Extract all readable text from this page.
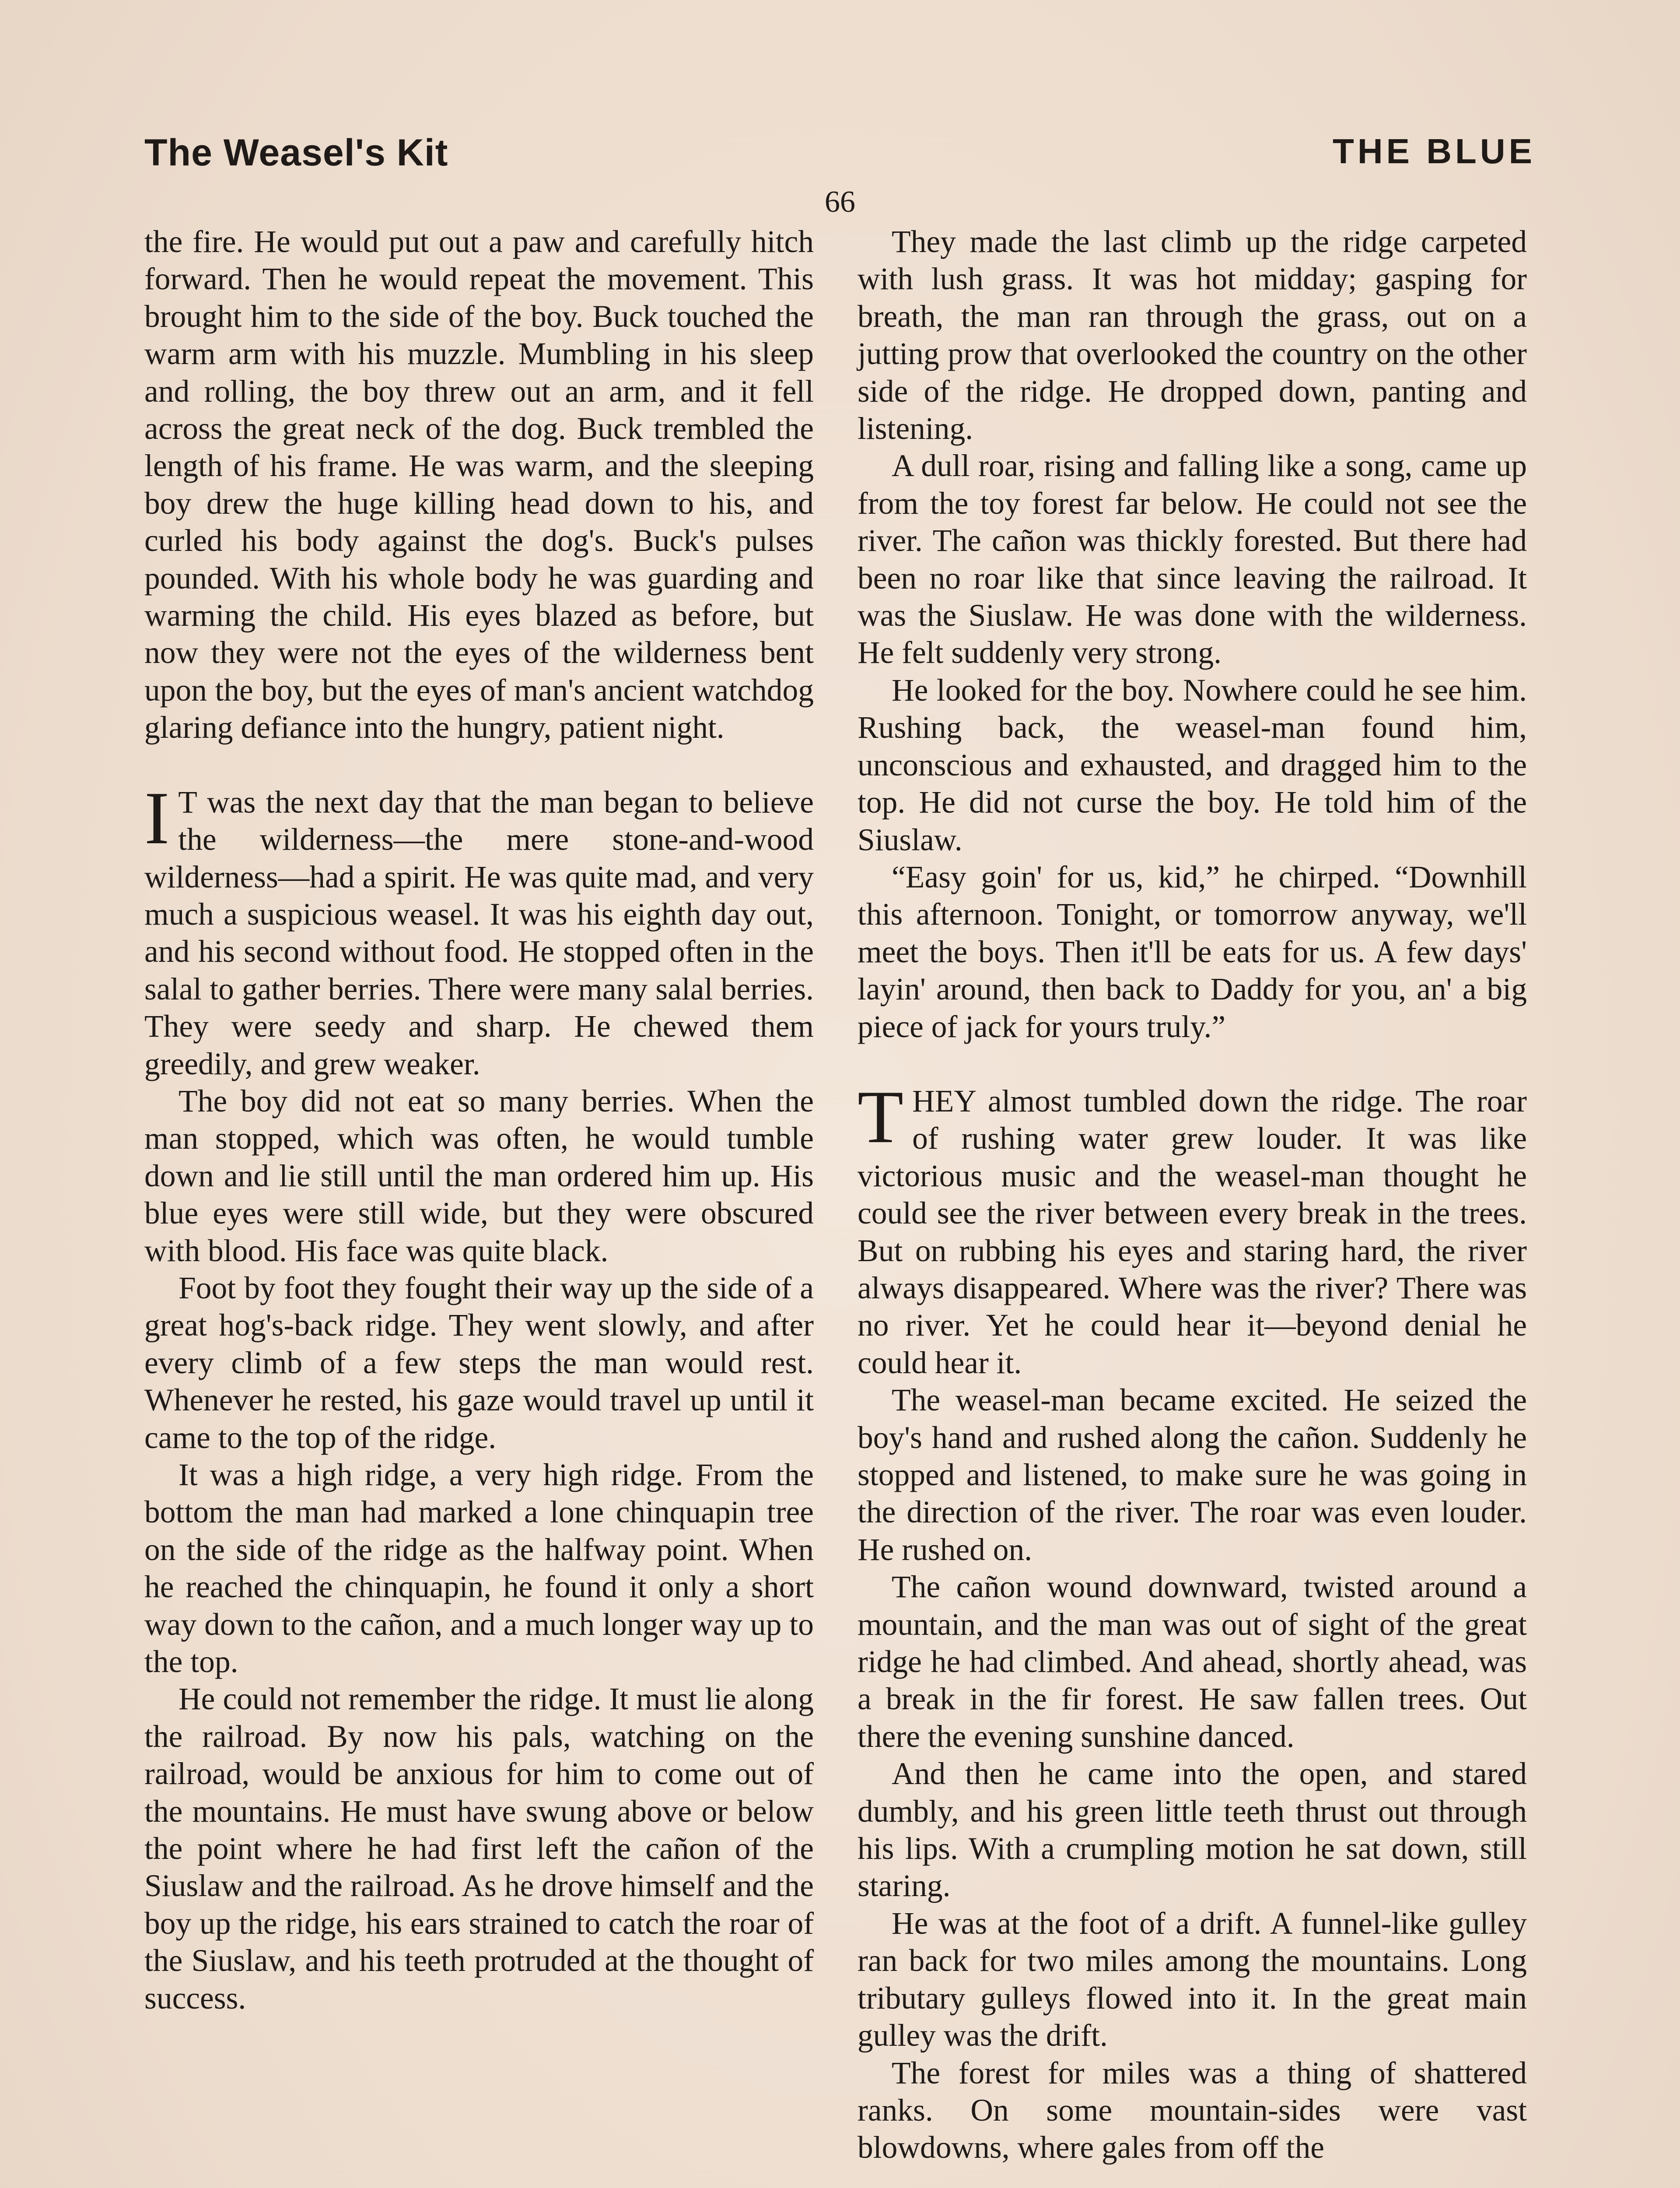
The Weasel's Kit	THE BLUE
66

the fire. He would put out a paw and carefully hitch forward. Then he would repeat the movement. This brought him to the side of the boy. Buck touched the warm arm with his muzzle. Mumbling in his sleep and rolling, the boy threw out an arm, and it fell across the great neck of the dog. Buck trembled the length of his frame. He was warm, and the sleeping boy drew the huge killing head down to his, and curled his body against the dog's. Buck's pulses pounded. With his whole body he was guarding and warming the child. His eyes blazed as before, but now they were not the eyes of the wilderness bent upon the boy, but the eyes of man's ancient watchdog glaring defiance into the hungry, patient night.

I T was the next day that the man began to believe the wilderness—the mere stone-and-wood wilderness—had a spirit. He was quite mad, and very much a suspicious weasel. It was his eighth day out, and his second without food. He stopped often in the salal to gather berries. There were many salal berries. They were seedy and sharp. He chewed them greedily, and grew weaker.

The boy did not eat so many berries. When the man stopped, which was often, he would tumble down and lie still until the man ordered him up. His blue eyes were still wide, but they were obscured with blood. His face was quite black.

Foot by foot they fought their way up the side of a great hog's-back ridge. They went slowly, and after every climb of a few steps the man would rest. Whenever he rested, his gaze would travel up until it came to the top of the ridge.

It was a high ridge, a very high ridge. From the bottom the man had marked a lone chinquapin tree on the side of the ridge as the halfway point. When he reached the chinquapin, he found it only a short way down to the cañon, and a much longer way up to the top.

He could not remember the ridge. It must lie along the railroad. By now his pals, watching on the railroad, would be anxious for him to come out of the mountains. He must have swung above or below the point where he had first left the cañon of the Siuslaw and the railroad. As he drove himself and the boy up the ridge, his ears strained to catch the roar of the Siuslaw, and his teeth protruded at the thought of success.

They made the last climb up the ridge carpeted with lush grass. It was hot midday; gasping for breath, the man ran through the grass, out on a jutting prow that overlooked the country on the other side of the ridge. He dropped down, panting and listening.

A dull roar, rising and falling like a song, came up from the toy forest far below. He could not see the river. The cañon was thickly forested. But there had been no roar like that since leaving the railroad. It was the Siuslaw. He was done with the wilderness. He felt suddenly very strong.

He looked for the boy. Nowhere could he see him. Rushing back, the weasel-man found him, unconscious and exhausted, and dragged him to the top. He did not curse the boy. He told him of the Siuslaw.

“Easy goin' for us, kid,” he chirped. “Downhill this afternoon. Tonight, or tomorrow anyway, we'll meet the boys. Then it'll be eats for us. A few days' layin' around, then back to Daddy for you, an' a big piece of jack for yours truly.”

THEY almost tumbled down the ridge. The roar of rushing water grew louder. It was like victorious music and the weasel-man thought he could see the river between every break in the trees. But on rubbing his eyes and staring hard, the river always disappeared. Where was the river? There was no river. Yet he could hear it—beyond denial he could hear it.

The weasel-man became excited. He seized the boy's hand and rushed along the cañon. Suddenly he stopped and listened, to make sure he was going in the direction of the river. The roar was even louder. He rushed on.

The cañon wound downward, twisted around a mountain, and the man was out of sight of the great ridge he had climbed. And ahead, shortly ahead, was a break in the fir forest. He saw fallen trees. Out there the evening sunshine danced.

And then he came into the open, and stared dumbly, and his green little teeth thrust out through his lips. With a crumpling motion he sat down, still staring.

He was at the foot of a drift. A funnel-like gulley ran back for two miles among the mountains. Long tributary gulleys flowed into it. In the great main gulley was the drift.

The forest for miles was a thing of shattered ranks. On some mountain-sides were vast blowdowns, where gales from off the
